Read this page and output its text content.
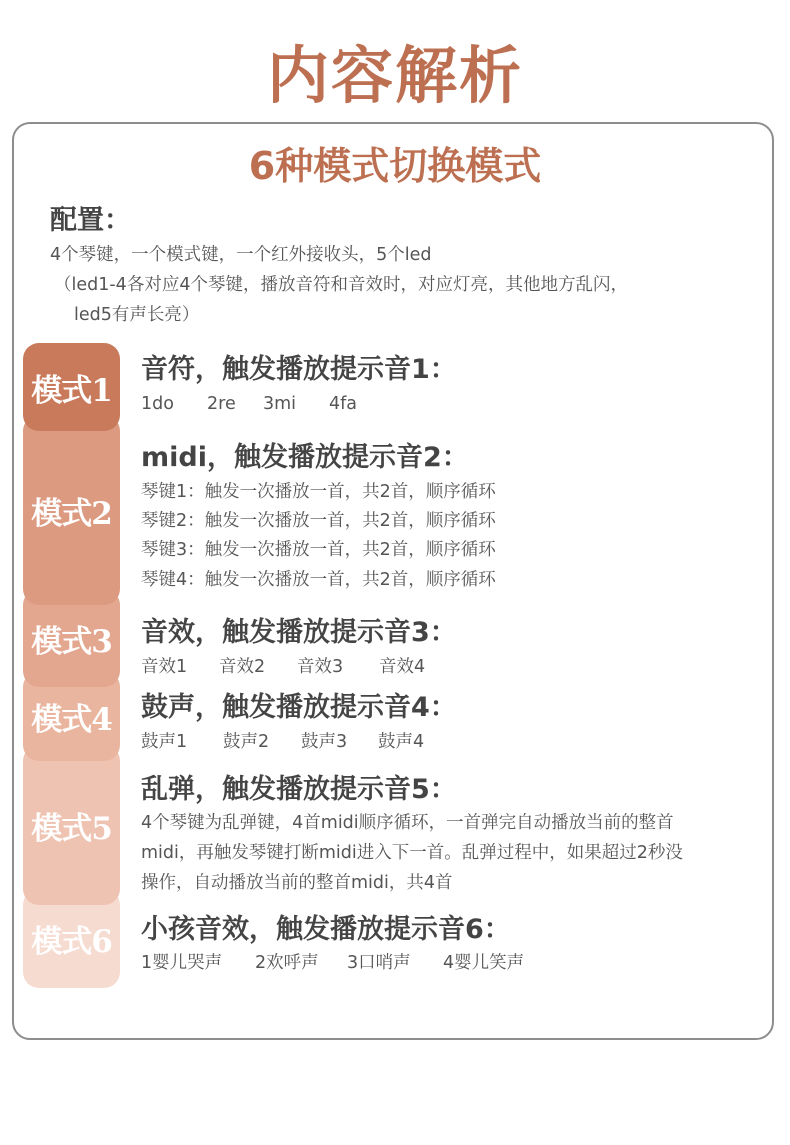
内容解析
6种模式切换模式
配置：
4个琴键，一个模式键，一个红外接收头，5个led
（led1-4各对应4个琴键，播放音符和音效时，对应灯亮，其他地方乱闪，
led5有声长亮）
模式1
模式2
模式3
模式4
模式5
模式6
音符，触发播放提示音1：
1do 2re 3mi 4fa
midi，触发播放提示音2：
琴键1：触发一次播放一首，共2首，顺序循环
琴键2：触发一次播放一首，共2首，顺序循环
琴键3：触发一次播放一首，共2首，顺序循环
琴键4：触发一次播放一首，共2首，顺序循环
音效，触发播放提示音3：
音效1 音效2 音效3 音效4
鼓声，触发播放提示音4：
鼓声1 鼓声2 鼓声3 鼓声4
乱弹，触发播放提示音5：
4个琴键为乱弹键，4首midi顺序循环，一首弹完自动播放当前的整首
midi，再触发琴键打断midi进入下一首。乱弹过程中，如果超过2秒没
操作，自动播放当前的整首midi，共4首
小孩音效，触发播放提示音6：
1婴儿哭声 2欢呼声 3口哨声 4婴儿笑声
